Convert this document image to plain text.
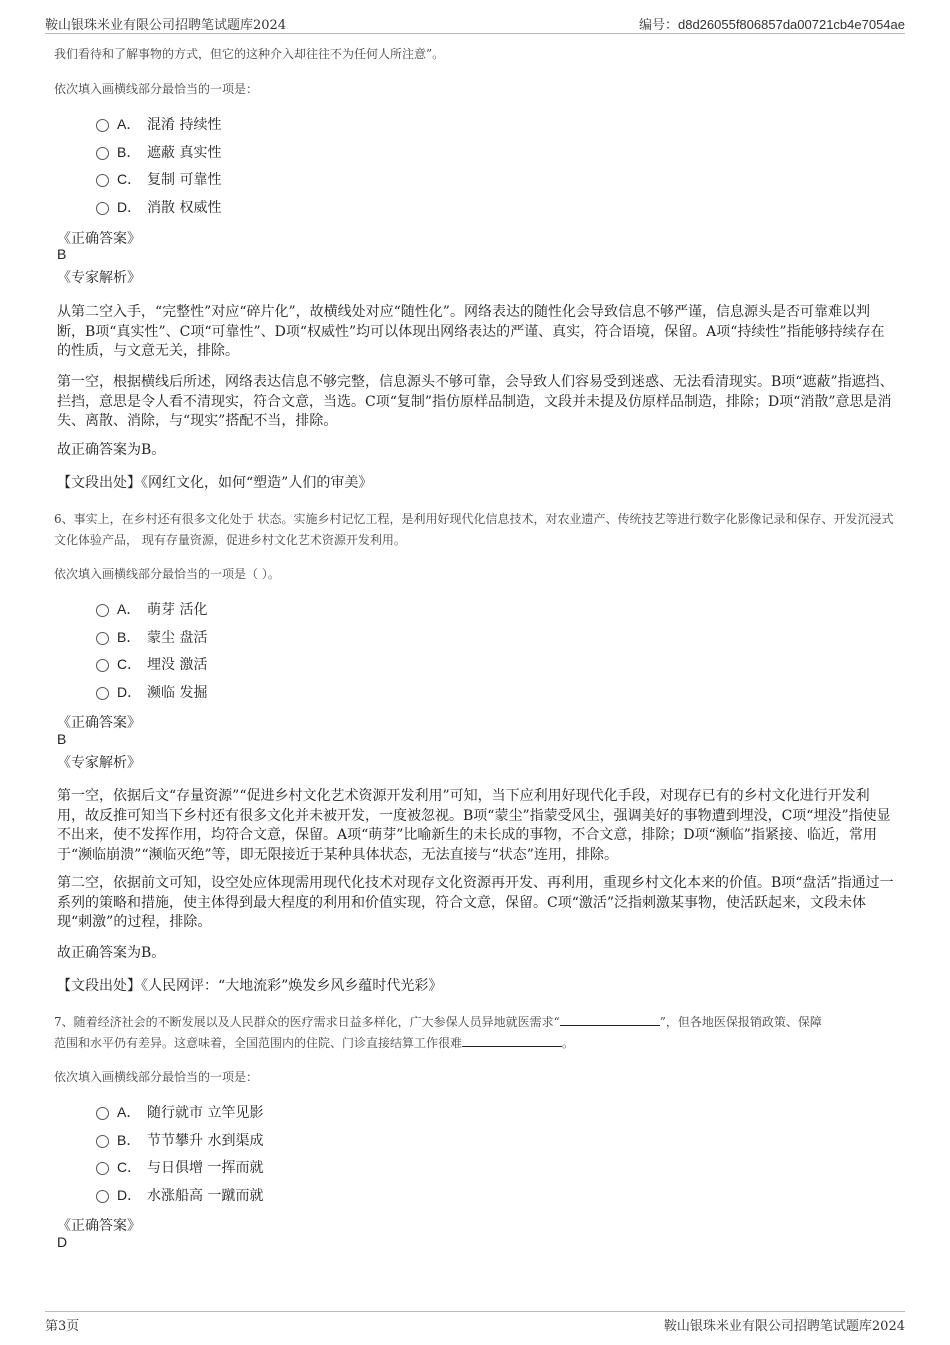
鞍山银珠米业有限公司招聘笔试题库2024	编号：d8d26055f806857da00721cb4e7054ae
我们看待和了解事物的方式，但它的这种介入却往往不为任何人所注意”。
依次填入画横线部分最恰当的一项是：
A． 混淆 持续性
B． 遮蔽 真实性
C． 复制 可靠性
D． 消散 权威性
《正确答案》
B
《专家解析》
从第二空入手，“完整性”对应“碎片化”，故横线处对应“随性化”。网络表达的随性化会导致信息不够严谨，信息源头是否可靠难以判断，B项“真实性”、C项“可靠性”、D项“权威性”均可以体现出网络表达的严谨、真实，符合语境，保留。A项“持续性”指能够持续存在的性质，与文意无关，排除。
第一空，根据横线后所述，网络表达信息不够完整，信息源头不够可靠，会导致人们容易受到迷惑、无法看清现实。B项“遮蔽”指遮挡、拦挡，意思是令人看不清现实，符合文意，当选。C项“复制”指仿原样品制造，文段并未提及仿原样品制造，排除；D项“消散”意思是消失、离散、消除，与“现实”搭配不当，排除。
故正确答案为B。
【文段出处】《网红文化，如何“塑造”人们的审美》
6、事实上，在乡村还有很多文化处于 状态。实施乡村记忆工程，是利用好现代化信息技术，对农业遗产、传统技艺等进行数字化影像记录和保存、开发沉浸式文化体验产品， 现有存量资源，促进乡村文化艺术资源开发利用。
依次填入画横线部分最恰当的一项是（ ）。
A． 萌芽 活化
B． 蒙尘 盘活
C． 埋没 激活
D． 濒临 发掘
《正确答案》
B
《专家解析》
第一空，依据后文“存量资源”“促进乡村文化艺术资源开发利用”可知，当下应利用好现代化手段，对现存已有的乡村文化进行开发利用，故反推可知当下乡村还有很多文化并未被开发，一度被忽视。B项“蒙尘”指蒙受风尘，强调美好的事物遭到埋没，C项“埋没”指使显不出来，使不发挥作用，均符合文意，保留。A项“萌芽”比喻新生的未长成的事物，不合文意，排除；D项“濒临”指紧接、临近，常用于“濒临崩溃”“濒临灭绝”等，即无限接近于某种具体状态，无法直接与“状态”连用，排除。
第二空，依据前文可知，设空处应体现需用现代化技术对现存文化资源再开发、再利用，重现乡村文化本来的价值。B项“盘活”指通过一系列的策略和措施，使主体得到最大程度的利用和价值实现，符合文意，保留。C项“激活”泛指刺激某事物，使活跃起来，文段未体现“刺激”的过程，排除。
故正确答案为B。
【文段出处】《人民网评：“大地流彩”焕发乡风乡蕴时代光彩》
7、随着经济社会的不断发展以及人民群众的医疗需求日益多样化，广大参保人员异地就医需求“	”，但各地医保报销政策、保障
范围和水平仍有差异。这意味着，全国范围内的住院、门诊直接结算工作很难	。
依次填入画横线部分最恰当的一项是：
A． 随行就市 立竿见影
B． 节节攀升 水到渠成
C． 与日俱增 一挥而就
D． 水涨船高 一蹴而就
《正确答案》
D
第3页	鞍山银珠米业有限公司招聘笔试题库2024
